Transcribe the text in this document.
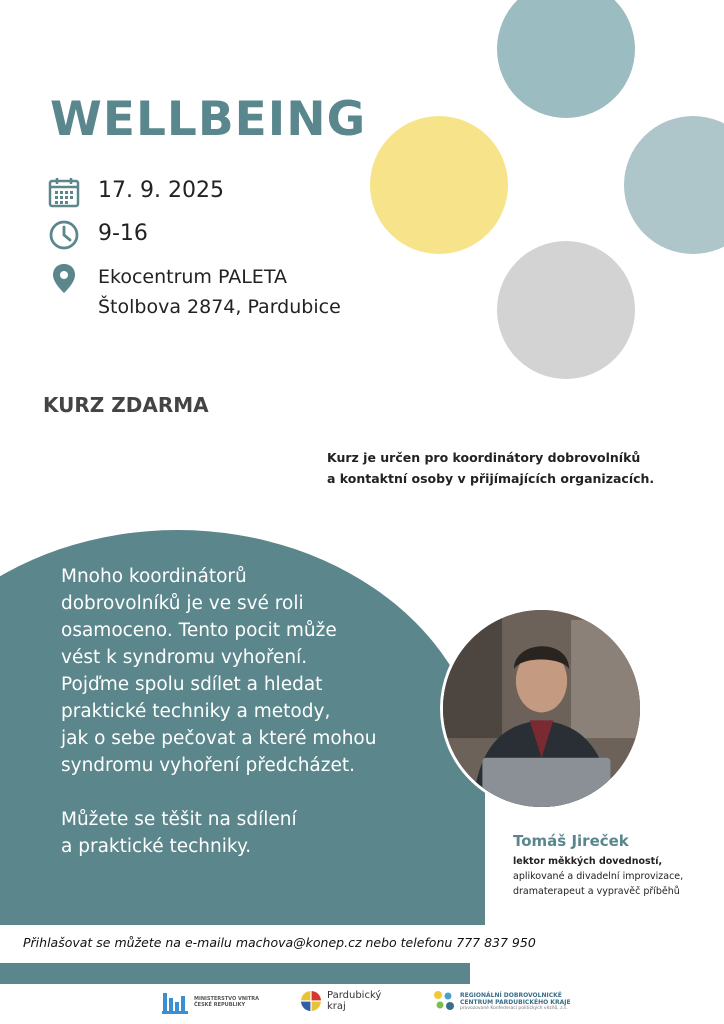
WELLBEING
17. 9. 2025
9-16
Ekocentrum PALETA
Štolbova 2874, Pardubice
KURZ ZDARMA
Kurz je určen pro koordinátory dobrovolníků
a kontaktní osoby v přijímajících organizacích.
Mnoho koordinátorů
dobrovolníků je ve své roli
osamoceno. Tento pocit může
vést k syndromu vyhoření.
Pojďme spolu sdílet a hledat
praktické techniky a metody,
jak o sebe pečovat a které mohou
syndromu vyhoření předcházet.
Můžete se těšit na sdílení
a praktické techniky.	Tomáš Jireček
lektor měkkých dovedností,
aplikované a divadelní improvizace,
dramaterapeut a vypravěč příběhů
Přihlašovat se můžete na e-mailu machova@konep.cz nebo telefonu 777 837 950
MINISTERSTVO VNITRA
ČESKÉ REPUBLIKY
Pardubický
kraj
REGIONÁLNÍ DOBROVOLNICKÉ
CENTRUM PARDUBICKÉHO KRAJE
provozované Konfederací politických vězňů, z.s.
